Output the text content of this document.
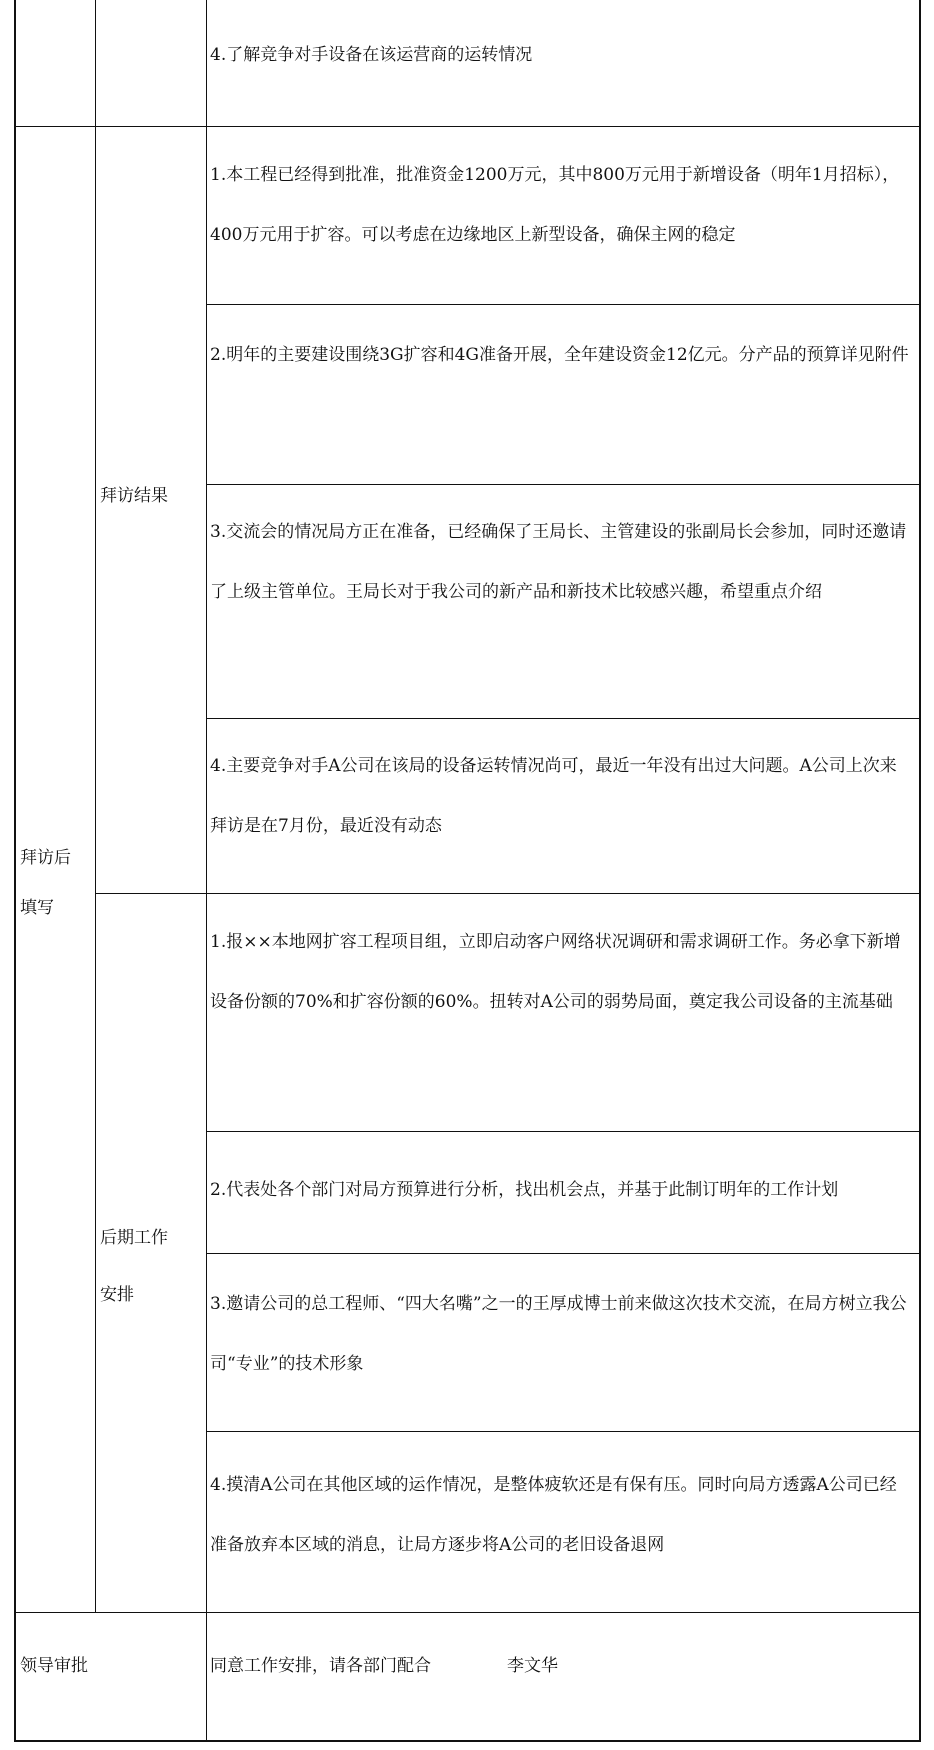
4.了解竞争对手设备在该运营商的运转情况
拜访后
填写
拜访结果
1.本工程已经得到批准，批准资金1200万元，其中800万元用于新增设备（明年1月招标），400万元用于扩容。可以考虑在边缘地区上新型设备，确保主网的稳定
2.明年的主要建设围绕3G扩容和4G准备开展，全年建设资金12亿元。分产品的预算详见附件
3.交流会的情况局方正在准备，已经确保了王局长、主管建设的张副局长会参加，同时还邀请了上级主管单位。王局长对于我公司的新产品和新技术比较感兴趣，希望重点介绍
4.主要竞争对手A公司在该局的设备运转情况尚可，最近一年没有出过大问题。A公司上次来拜访是在7月份，最近没有动态
后期工作
安排
1.报××本地网扩容工程项目组，立即启动客户网络状况调研和需求调研工作。务必拿下新增设备份额的70%和扩容份额的60%。扭转对A公司的弱势局面，奠定我公司设备的主流基础
2.代表处各个部门对局方预算进行分析，找出机会点，并基于此制订明年的工作计划
3.邀请公司的总工程师、“四大名嘴”之一的王厚成博士前来做这次技术交流，在局方树立我公司“专业”的技术形象
4.摸清A公司在其他区域的运作情况，是整体疲软还是有保有压。同时向局方透露A公司已经准备放弃本区域的消息，让局方逐步将A公司的老旧设备退网
领导审批	同意工作安排，请各部门配合	李文华
